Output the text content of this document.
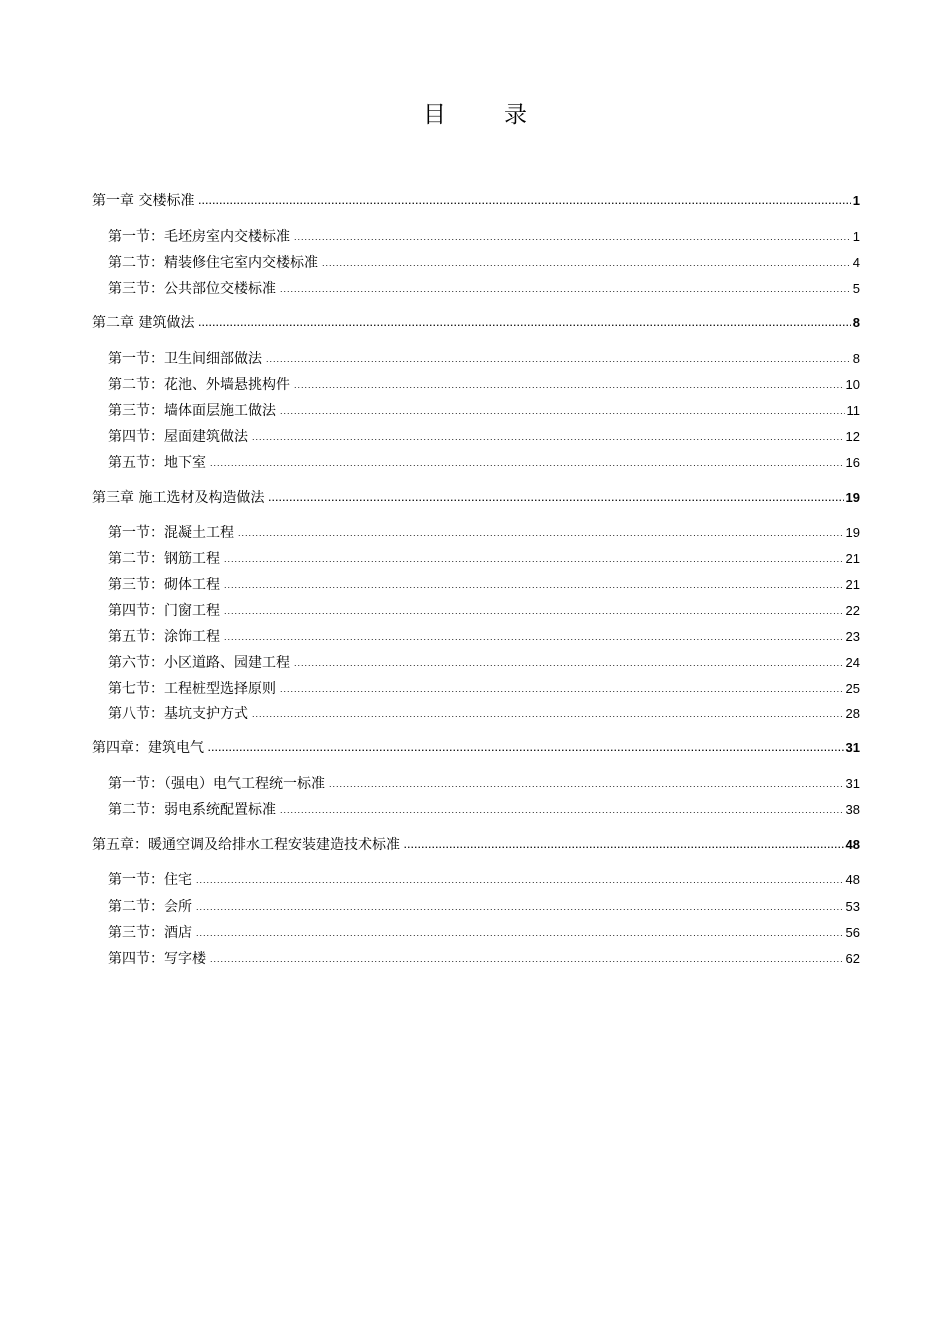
目	录
第一章 交楼标准 .....	1
第一节：毛坯房室内交楼标准 .....	1
第二节：精装修住宅室内交楼标准 .....	4
第三节：公共部位交楼标准 .....	5
第二章 建筑做法 .....	8
第一节：卫生间细部做法 .....	8
第二节：花池、外墙悬挑构件 .....	10
第三节：墙体面层施工做法 .....	11
第四节：屋面建筑做法 .....	12
第五节：地下室 .....	16
第三章 施工选材及构造做法 .....	19
第一节：混凝土工程 .....	19
第二节：钢筋工程 .....	21
第三节：砌体工程 .....	21
第四节：门窗工程 .....	22
第五节：涂饰工程 .....	23
第六节：小区道路、园建工程 .....	24
第七节：工程桩型选择原则 .....	25
第八节：基坑支护方式 .....	28
第四章：建筑电气 .....	31
第一节：（强电）电气工程统一标准 .....	31
第二节：弱电系统配置标准 .....	38
第五章：暖通空调及给排水工程安装建造技术标准 .....	48
第一节：住宅 .....	48
第二节：会所 .....	53
第三节：酒店 .....	56
第四节：写字楼 .....	62
